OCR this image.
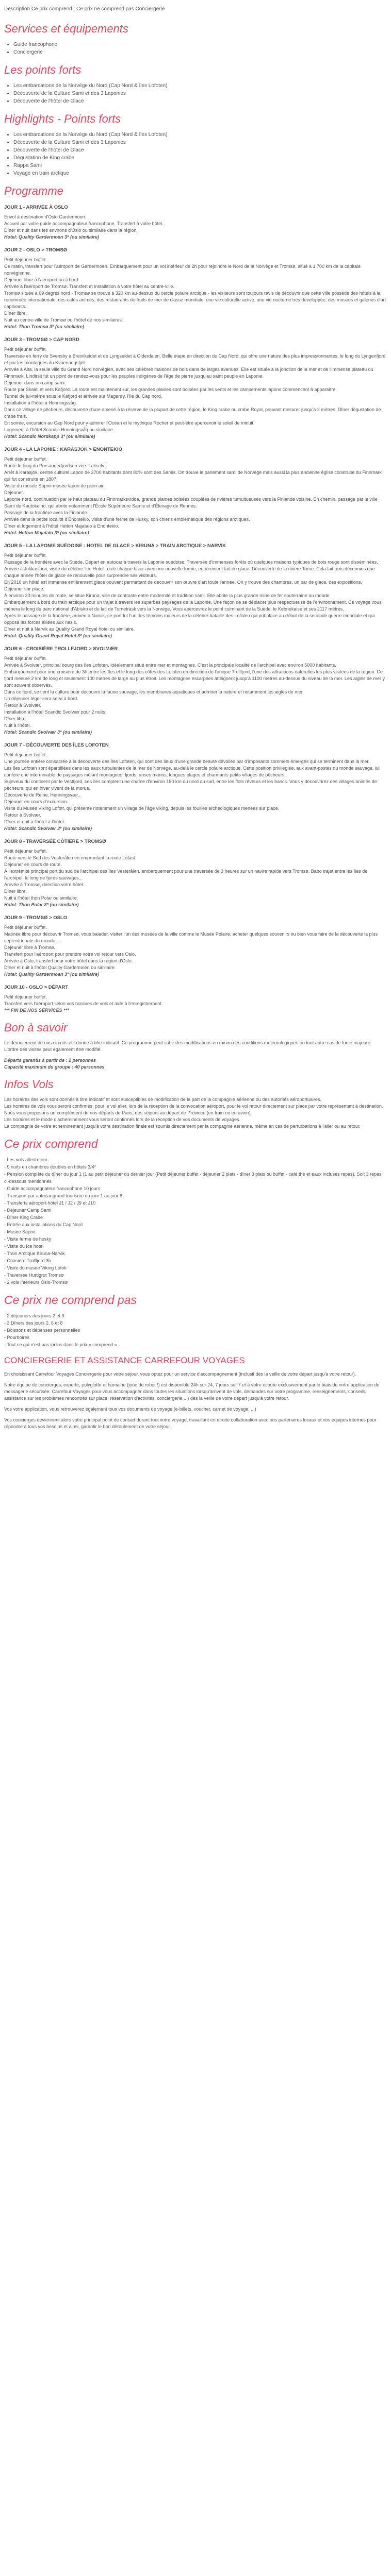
Description Ce prix comprend : Ce prix ne comprend pas Conciergerie
Services et équipements
• Guide francophone
• Conciergerie
Les points forts
• Les embarcations de la Norvège du Nord (Cap Nord & îles Lofoten)
• Découverte de la Culture Sami et des 3 Laponies
• Découverte de l'hôtel de Glace
Highlights - Points forts
• Les embarcations de la Norvège du Nord (Cap Nord & îles Lofoten)
• Découverte de la Culture Sami et des 3 Laponies
• Découverte de l'hôtel de Glace
• Dégustation de King crabe
• Rappa Sami
• Voyage en train arctique
Programme
JOUR 1 - ARRIVÉE À OSLO

Envol à destination d'Oslo Gardermoen.

Accueil par votre guide accompagnateur francophone. Transfert à votre hôtel.

Dîner et nuit dans les environs d'Oslo ou similaire dans la région.

Hotel: Quality Gardermoen 3* (ou similaire)

JOUR 2 - OSLO > TROMSØ

Petit déjeuner buffet.

Ce matin, transfert pour l'aéroport de Gardermoen. Embarquement pour un vol intérieur de 2h pour rejoindre le Nord de la Norvège et Tromsø, situé à 1.700 km de la capitale norvégienne.

Déjeuner libre à l'aéroport ou à bord.

Arrivée à l'aéroport de Tromsø. Transfert et installation à votre hôtel au centre-ville.

Tromsø située à 69 degrés nord - Tromsø se trouve à 320 km au-dessus du cercle polaire arctique - les visiteurs sont toujours ravis de découvrir que cette ville possède des hôtels à la renommée internationale, des cafés animés, des restaurants de fruits de mer de classe mondiale, une vie culturelle active, une vie nocturne très développée, des musées et galeries d'art captivants.

Dîner libre.

Nuit au centre-ville de Tromsø ou l'hôtel de nos similaires.

Hotel: Thon Tromsø 3* (ou similaire)

JOUR 3 - TROMSØ > CAP NORD

Petit déjeuner buffet.

Traversée en ferry de Svensby à Breivikeidet et de Lyngseidet à Olderdalen. Belle étape en direction du Cap Nord, qui offre une nature des plus impressionnantes, le long du Lyngenfjord et par les montagnes du Kvaenangsfjell.

Arrivée à Alta, la seule ville du Grand Nord norvégien, avec ses célèbres maisons de bois dans de larges avenues. Elle est située à la jonction de la mer et de l'immense plateau du Finnmark. Lindirsit fut un point de rendez-vous pour les peuples indigènes de l'âge de pierre jusqu'au saint peuple en Laponie.

Déjeuner dans un camp sami.

Route par Skaidi et vers Kafjord. La route est maintenant sur, les grandes plaines sont boisées par les vents et les campements lapons commencent à apparaître.

Tunnel de lui-même sous le Kafjord et arrivée sur Magerøy, l'île du Cap nord.

Installation à l'hôtel à Honningsvåg.

Dans ce village de pêcheurs, découverte d'une amené à la réserve de la plupart de cette région, le King crabe ou crabe Royal, pouvant mesurer jusqu'à 2 mètres. Dîner dégustation de crabe frais.

En soirée, excursion au Cap Nord pour y admirer l'Océan et le mythique Rocher et peut-être apercevoir le soleil de minuit.

Logement à l'hôtel Scandic Honningsvåg ou similaire.

Hotel: Scandic Nordkapp 3* (ou similaire)

JOUR 4 - LA LAPONIE : KARASJOK > ENONTEKIO

Petit déjeuner buffet.

Route le long du Porsangerfjordsen vers Lakselv.

Arrêt à Karasjok, centre culturel Lapon de 2700 habitants dont 80% sont des Samis. On trouve le parlement sami de Norvège mais aussi la plus ancienne église construite du Finnmark qui fut construite en 1807.

Visite du musée Sapmi musée lapon de plein air.

Déjeuner.

Laponie nord, continuation par le haut plateau du Finnmarksvidda, grande plaines boisées couplées de rivières tumultueuses vers la Finlande voisine. En chemin, passage par le ville Sami de Kautokeino, qui abrite notamment l'École Supérieure Samie et d'Élevage de Rennes.

Passage de la frontière avec la Finlande.

Arrivée dans la petite localité d'Enontekio, visite d'une ferme de Husky, son chiens emblématique des régions arctiques.

Dîner et logement à l'hôtel Hetton Majatalo à Enontekio.

Hotel: Hetton Majatalo 3* (ou similaire)

JOUR 5 - LA LAPONIE SUÉDOISE : HOTEL DE GLACE > KIRUNA > TRAIN ARCTIQUE > NARVIK

Petit déjeuner buffet.

Passage de la frontière avec la Suède. Départ en autocar à travers la Laponie suédoise. Traversée d'immenses forêts où quelques maisons typiques de bois rouge sont disséminées.

Arrivée à Jukkasjärvi, visite du célèbre 'Ice Hotel', créé chaque hiver avec une nouvelle forme, entièrement fait de glace. Découverte de la rivière Torne. Cela fait trois décennies que chaque année l'hôtel de glace se renouvelle pour surprendre ses visiteurs.

En 2016 un hôtel est immense entièrement glacé pouvant permettant de découvrir son œuvre d'art toute l'année. On y trouve des chambres, un bar de glace, des expositions.

Déjeuner sur place.

À environ 20 minutes de route, se situe Kiruna, ville de contraste entre modernité et tradition sami. Elle abrite la plus grande mine de fer souterraine au monde.

Embarquement à bord du train arctique pour un trajet à travers les superbes paysages de la Laponie. Une façon de se déplacer plus respectueuse de l'environnement. Ce voyage vous mènera le long du parc national d'Abisko et du lac de Torneträsk vers la Norvège. Vous apercevrez le point culminant de la Suède, le Kebnekaise et ses 2117 mètres.

Après le passage de la frontière, arrivée à Narvik, ce port fut l'un des témoins majeurs de la célèbre bataille des Lofoten qui prit place au début de la seconde guerre mondiale et qui opposa les forces alliées aux nazis.

Dîner et nuit à Narvik au Quality Grand Royal hotel ou similaire.

Hotel: Quality Grand Royal Hotel 3* (ou similaire)

JOUR 6 - CROISIÈRE TROLLFJORD > SVOLVÆR

Petit déjeuner buffet.

Arrivée à Svolvær, principal bourg des îles Lofoten, idéalement situé entre mer et montagnes. C'est la principale localité de l'archipel avec environ 5000 habitants.

Embarquement pour une croisière de 3h entre les îles et le long des côtes des Lofoten en direction de l'unique Trollfjord, l'une des attractions naturelles les plus visitées de la région. Ce fjord mesure 2 km de long et seulement 100 mètres de large au plus étroit. Les montagnes escarpées atteignent jusqu'à 1100 mètres au-dessus du niveau de la mer. Les aigles de mer y sont souvent observés.

Dans ce fjord, se tient la culture pour découvrir la faune sauvage, les membranes aquatiques et admirer la nature et notamment les aigles de mer.

Un déjeuner léger sera servi à bord.

Retour à Svolvær.

Installation à l'hôtel Scandic Svolvær pour 2 nuits.

Dîner libre.

Nuit à l'hôtel.

Hotel: Scandic Svolvær 3* (ou similaire)

JOUR 7 - DÉCOUVERTE DES ÎLES LOFOTEN

Petit déjeuner buffet.

Une journée entière consacrée à la découverte des îles Lofoten, qui sont des lieux d'une grande beauté dévoilés par d'imposants sommets émergés qui se terminent dans la mer.

Les îles Lofoten sont éparpillées dans les eaux turbulentes de la mer de Norvège, au-delà le cercle polaire arctique. Cette position privilégiée, aux avant-postes du monde sauvage, lui confère une interminable de paysages mêlant montagnes, fjords, anses marins, longues plages et charmants petits villages de pêcheurs.

Sujeveux du continent par le Vestfjord, ces îles comptent une chaîne d'environ 150 km du nord au sud, entre les flots rêveurs et les bancs. Vous y découvrirez des villages animés de pêcheurs, qui en hiver vivent de la morue.

Découverte de Reine, Henningsvær...

Déjeuner en cours d'excursion.

Visite du Musée Viking Lofotr, qui présente notamment un village de l'âge viking, depuis les fouilles archéologiques menées sur place.

Retour à Svolvær.

Dîner et nuit à l'hôtel à l'hôtel.

Hotel: Scandic Svolvær 3* (ou similaire)

JOUR 8 - TRAVERSÉE CÔTIÈRE > TROMSØ

Petit déjeuner buffet.

Route vers le Sud des Vesterålen en empruntant la route Lofast.

Déjeuner en cours de route.

À l'extrémité principal port du sud de l'archipel des îles Vesterålen, embarquement pour une traversée de 3 heures sur un navire rapide vers Tromsø. Babo trajet entre les îles de l'archipel, le long de fjords sauvages...

Arrivée à Tromsø, direction votre hôtel.

Dîner libre.

Nuit à l'hôtel thon Polar ou similaire.

Hotel: Thon Polar 3* (ou similaire)

JOUR 9 - TROMSØ > OSLO

Petit déjeuner buffet.

Matinée libre pour découvrir Tromsø, vous balader, visiter l'un des musées de la ville comme le Musée Polaire, acheter quelques souvenirs ou bien vous faire de la découverte la plus septentrionale du monde...

Déjeuner libre à Tromsø.

Transfert pour l'aéroport pour prendre votre vol retour vers Oslo.

Arrivée à Oslo, transfert pour votre hôtel dans la région d'Oslo.

Dîner et nuit à l'hôtel Quality Gardermoen ou similaire.

Hotel: Quality Gardermoen 3* (ou similaire)

JOUR 10 - OSLO > DÉPART

Petit déjeuner buffet.

Transfert vers l'aéroport selon vos horaires de vols et aide à l'enregistrement.

*** FIN DE NOS SERVICES ***

Bon à savoir

Le déroulement de nos circuits est donné à titre indicatif. Ce programme peut subir des modifications en raison des conditions météorologiques ou tout autre cas de force majeure. L'ordre des visites peut également être modifié.

Départs garantis à partir de : 2 personnes

Capacité maximum du groupe : 40 personnes

Infos Vols

Les horaires des vols sont donnés à titre indicatif et sont susceptibles de modification de la part de la compagnie aérienne ou des autorités aéroportuaires.

Les horaires de vols vous seront confirmés, pour le vol aller, lors de la réception de la convocation aéroport, pour le vol retour directement sur place par votre représentant à destination.

Nous vous proposons un complément de nos départs de Paris, des séjours au départ de Province (en train ou en avion).

Les horaires et le mode d'acheminement vous seront confirmés lors de la réception de vos documents de voyages.

La compagnie de votre acheminement jusqu'à votre destination finale est soumis directement par la compagnie aérienne, même en cas de perturbations à l'aller ou au retour.

Ce prix comprend
- Les vols aller/retour
- 9 nuits en chambres doubles en hôtels 3/4*
- Pension complète du dîner du jour 1 (1 au petit déjeuner du dernier jour (Petit déjeuner buffet - déjeuner 2 plats - dîner 3 plats ou buffet - café thé et eaux incluses repas). Soit 3 repas ci-dessous mentionnés
- Guide accompagnateur francophone 10 jours
- Transport par autocar grand tourisme du jour 1 au jour 8
- Transferts aéroport-hôtel J1 / J2 / J9 et J10
- Déjeuner Camp Sami
- Dîner King Crabe
- Entrée aux installations du Cap Nord
- Musée Sapmi
- Visite ferme de husky
- Visite du Ice hotel
- Train Arctique Kiruna-Narvik
- Croisière Trollfjord 3h
- Visite du musée Viking Lofotr
- Traversée Hurtigrut Tromsø
- 2 vols intérieurs Oslo-Tromsø
Ce prix ne comprend pas
- 2 déjeuners des jours 2 et 9
- 3 Dîners des jours 2, 6 et 8
- Boissons et dépenses personnelles
- Pourboires
- Tout ce qui n'est pas inclus dans le prix « comprend »
CONCIERGERIE ET ASSISTANCE CARREFOUR VOYAGES

En choisissant Carrefour Voyages Conciergerie pour votre séjour, vous optez pour un service d'accompagnement (inclusif dès la veille de votre départ jusqu'à votre retour).

Notre équipe de concierges, experte, polyglotte et humaine (joue de robot !) est disponible 24h sur 24, 7 jours sur 7 et à votre écoute exclusivement par le biais de notre application de messagerie sécurisée. Carrefour Voyages pour vous accompagner dans toutes les situations lorsqu'arrivent de vols, demandes sur votre programme, renseignements, conseils, assistance sur les problèmes rencontrés sur place, réservation d'activités, conciergerie... ) dès la veille de votre départ jusqu'à votre retour.

Vos votre application, vous retrouverez également tous vos documents de voyage (e-billets, voucher, carnet de voyage, ...)

Vos concierges deviennent alors votre principal point de contact durant tout votre voyage, travaillant en étroite collaboration avec nos partenaires locaux et nos équipes internes pour répondre à tous vos besoins et ainsi, garantir le bon déroulement de votre séjour.
